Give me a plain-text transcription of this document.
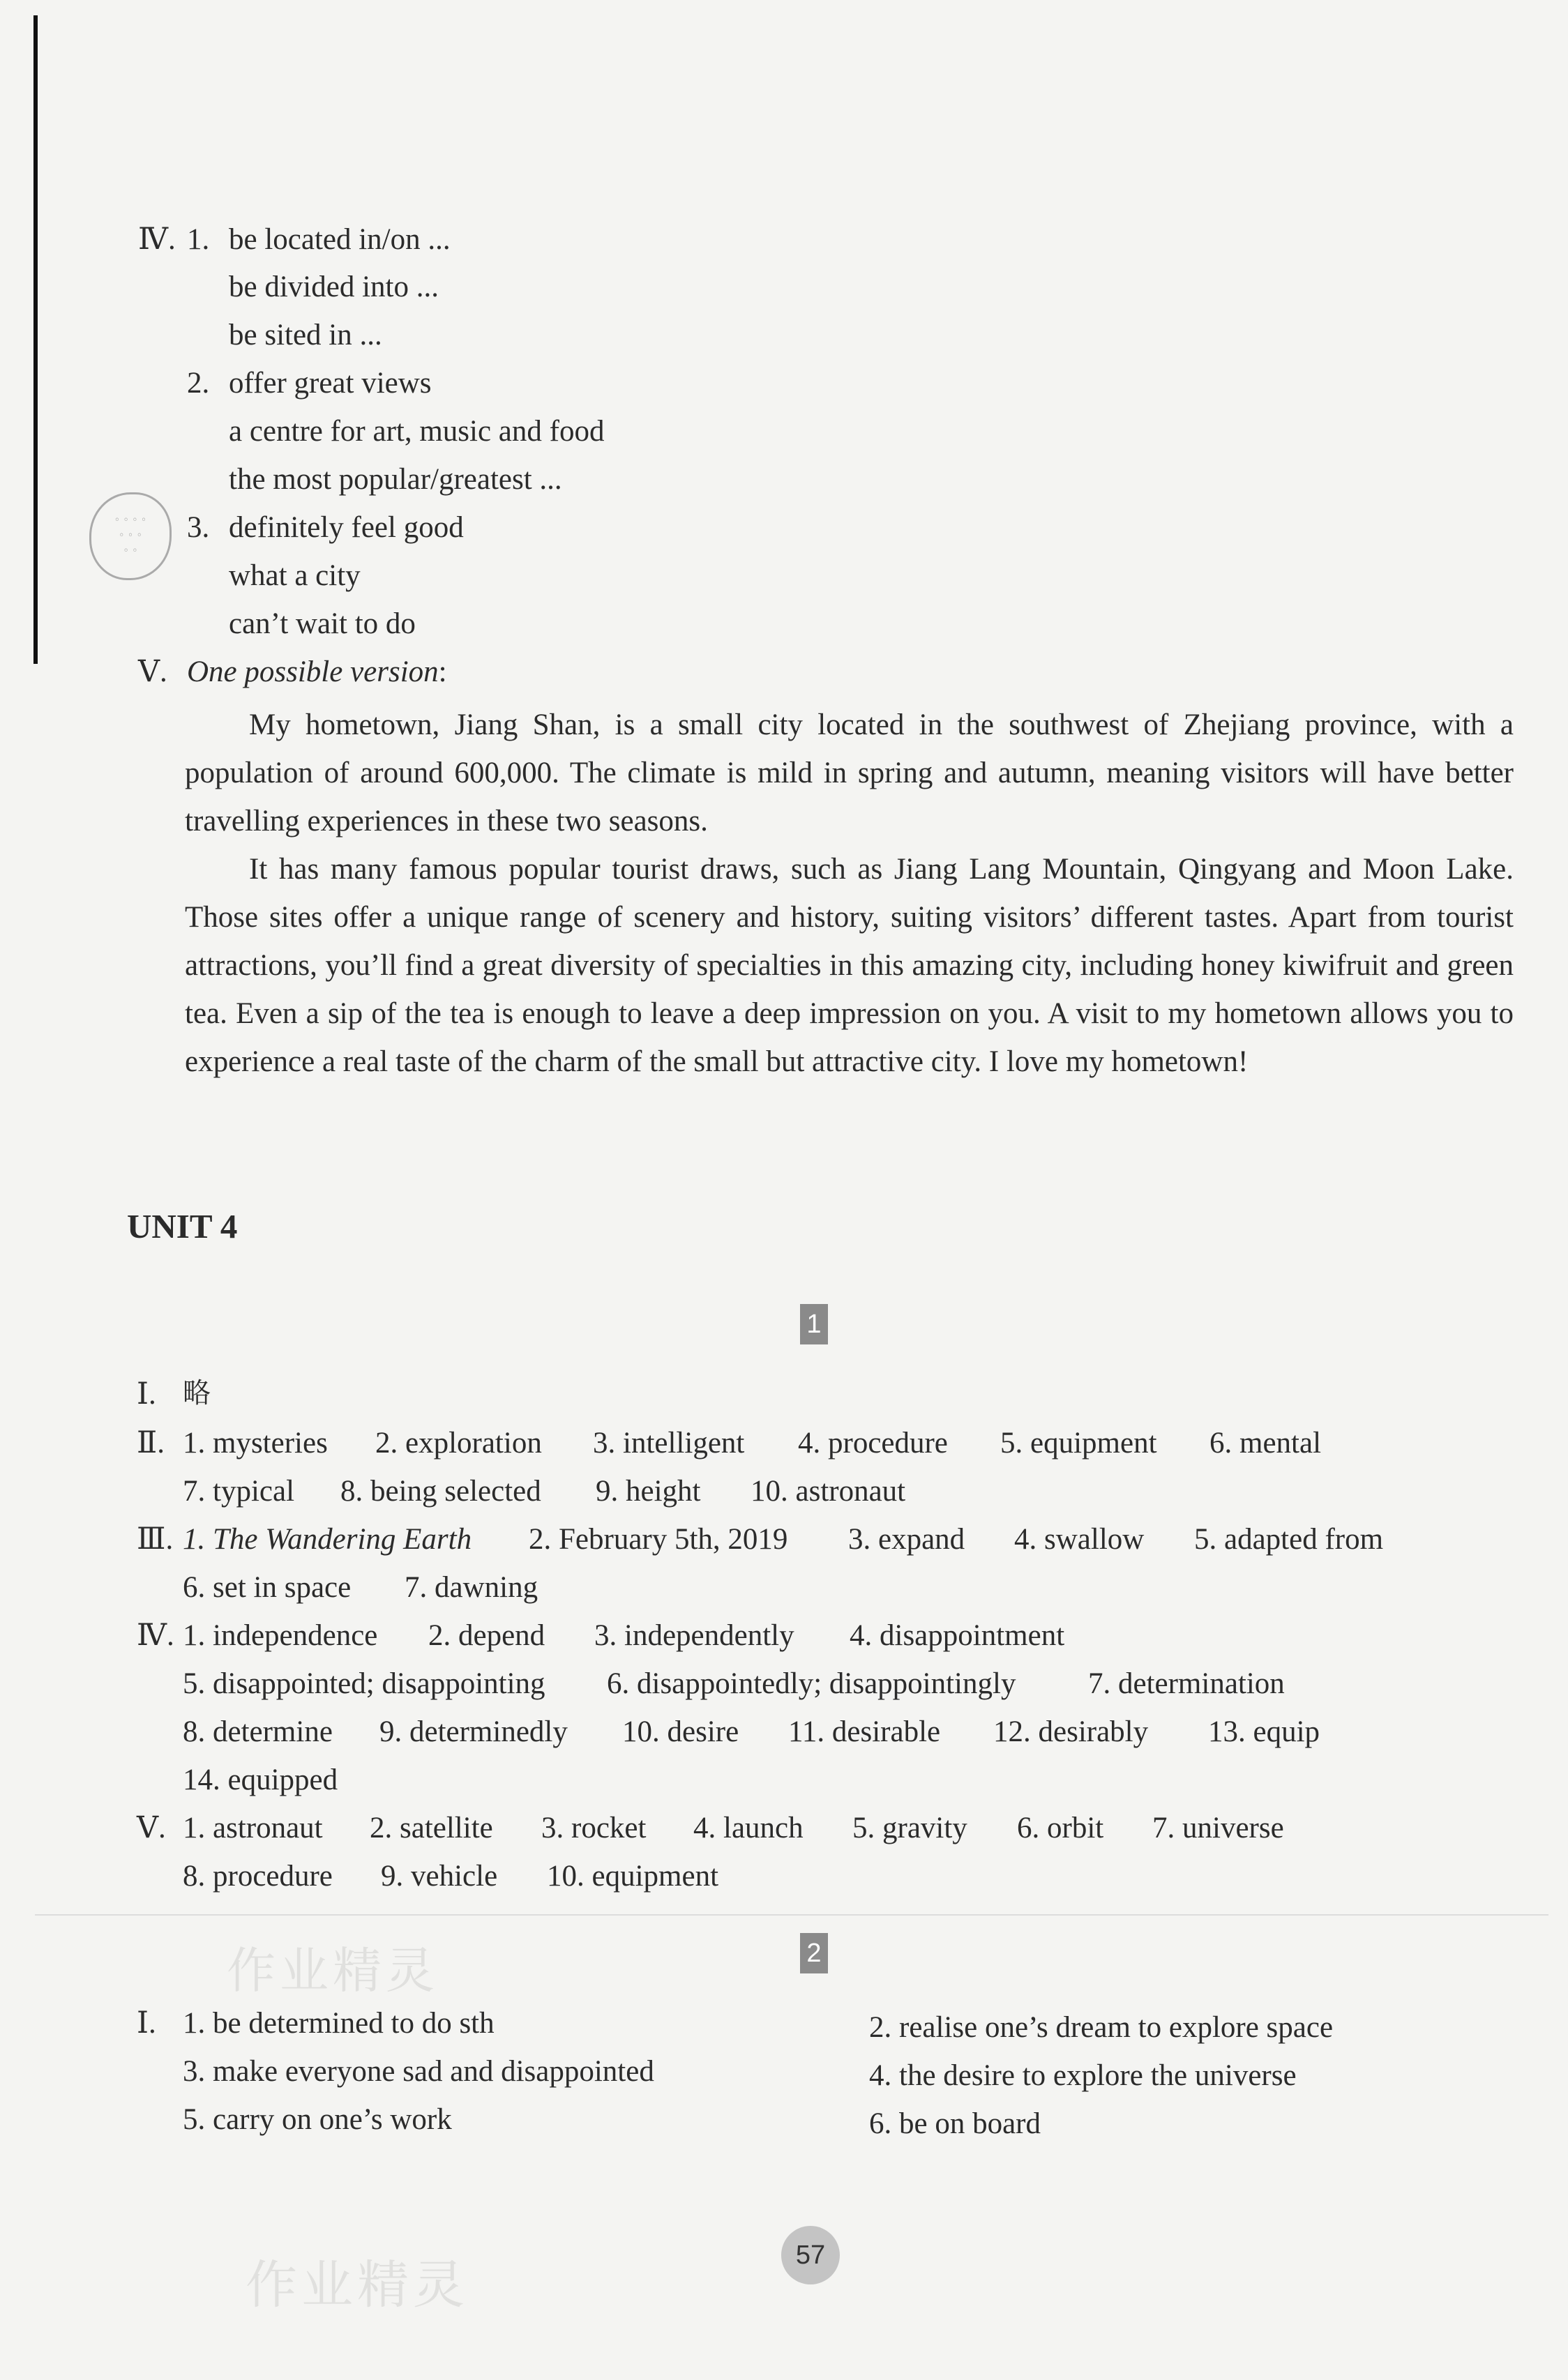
◦ ◦ ◦ ◦
◦ ◦ ◦
◦ ◦
Ⅳ. 1. be located in/on ...
be divided into ...
be sited in ...
2. offer great views
a centre for art, music and food
the most popular/greatest ...
3. definitely feel good
what a city
can’t wait to do
Ⅴ. One possible version:
My hometown, Jiang Shan, is a small city located in the southwest of Zhejiang province, with a population of around 600,000. The climate is mild in spring and autumn, meaning visitors will have better travelling experiences in these two seasons.
It has many famous popular tourist draws, such as Jiang Lang Mountain, Qingyang and Moon Lake. Those sites offer a unique range of scenery and history, suiting visitors’ different tastes. Apart from tourist attractions, you’ll find a great diversity of specialties in this amazing city, including honey kiwifruit and green tea. Even a sip of the tea is enough to leave a deep impression on you. A visit to my hometown allows you to experience a real taste of the charm of the small but attractive city. I love my hometown!
UNIT 4
1
Ⅰ. 略
Ⅱ. 1. mysteries 2. exploration 3. intelligent 4. procedure 5. equipment 6. mental
7. typical 8. being selected 9. height 10. astronaut
Ⅲ. 1. The Wandering Earth 2. February 5th, 2019 3. expand 4. swallow 5. adapted from
6. set in space 7. dawning
Ⅳ. 1. independence 2. depend 3. independently 4. disappointment
5. disappointed; disappointing 6. disappointedly; disappointingly 7. determination
8. determine 9. determinedly 10. desire 11. desirable 12. desirably 13. equip
14. equipped
Ⅴ. 1. astronaut 2. satellite 3. rocket 4. launch 5. gravity 6. orbit 7. universe
8. procedure 9. vehicle 10. equipment
作业精灵	2
Ⅰ. 1. be determined to do sth
3. make everyone sad and disappointed
5. carry on one’s work
2. realise one’s dream to explore space
4. the desire to explore the universe
6. be on board
作业精灵	57
